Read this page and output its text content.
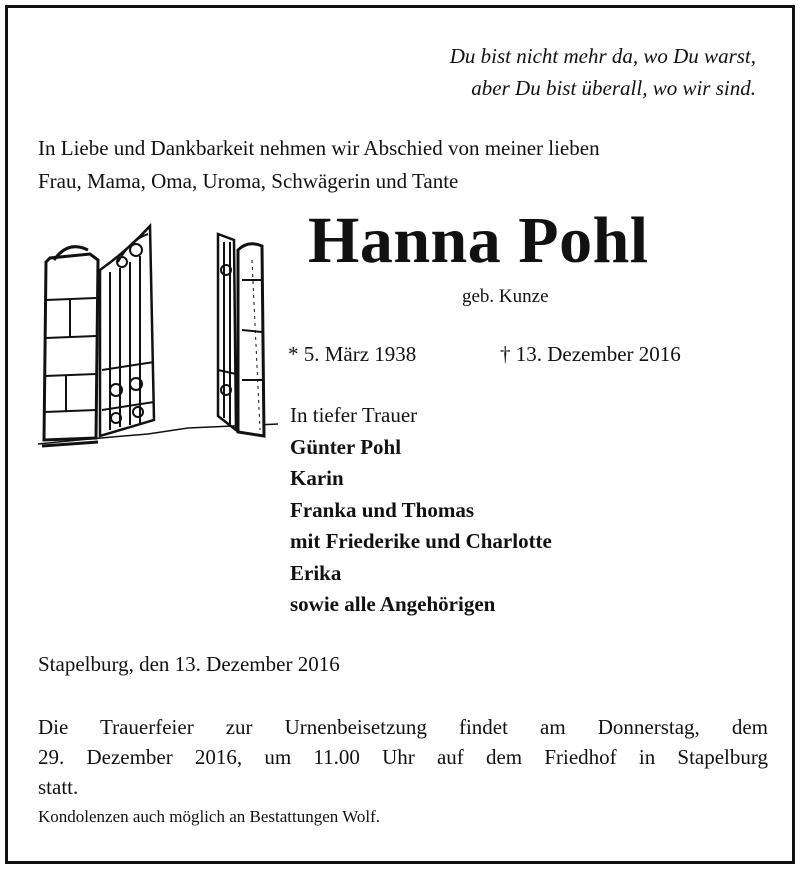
Du bist nicht mehr da, wo Du warst,
aber Du bist überall, wo wir sind.
In Liebe und Dankbarkeit nehmen wir Abschied von meiner lieben
Frau, Mama, Oma, Uroma, Schwägerin und Tante
Hanna Pohl
geb. Kunze
* 5. März 1938	† 13. Dezember 2016
In tiefer Trauer
Günter Pohl
Karin
Franka und Thomas
mit Friederike und Charlotte
Erika
sowie alle Angehörigen
Stapelburg, den 13. Dezember 2016
Die Trauerfeier zur Urnenbeisetzung findet am Donnerstag, dem
29. Dezember 2016, um 11.00 Uhr auf dem Friedhof in Stapelburg
statt.
Kondolenzen auch möglich an Bestattungen Wolf.
